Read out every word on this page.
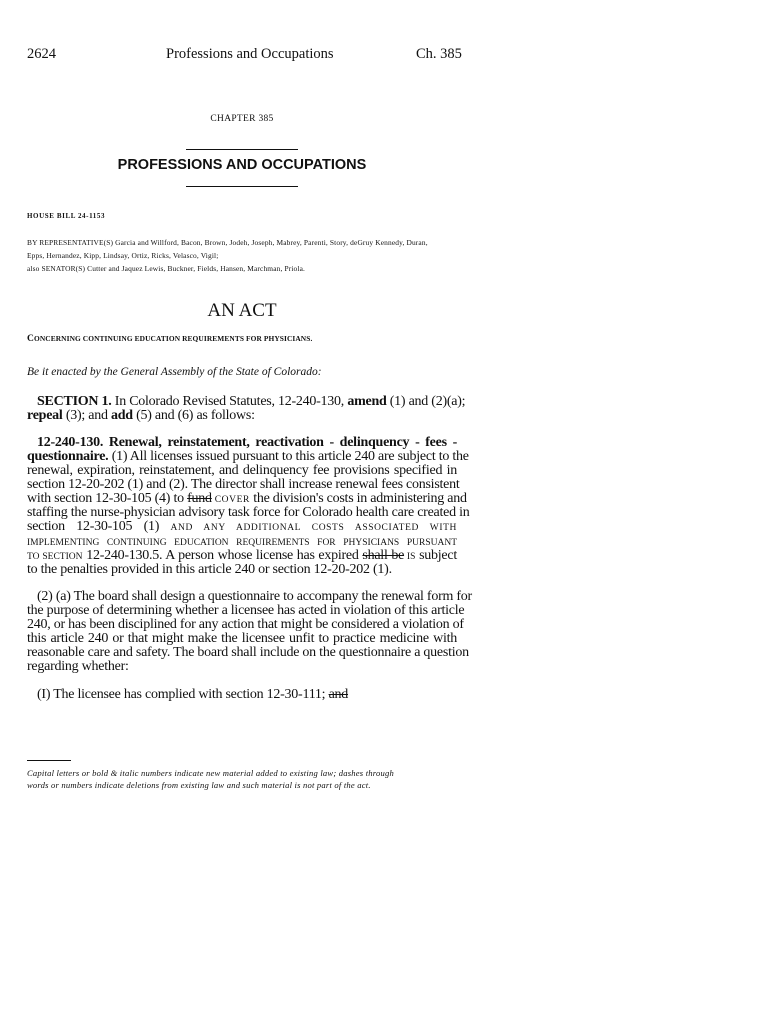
2624	Professions and Occupations	Ch. 385
CHAPTER 385
PROFESSIONS AND OCCUPATIONS
HOUSE BILL 24-1153
BY REPRESENTATIVE(S) Garcia and Willford, Bacon, Brown, Jodeh, Joseph, Mabrey, Parenti, Story, deGruy Kennedy, Duran,
Epps, Hernandez, Kipp, Lindsay, Ortiz, Ricks, Velasco, Vigil;
also SENATOR(S) Cutter and Jaquez Lewis, Buckner, Fields, Hansen, Marchman, Priola.
AN ACT
CONCERNING CONTINUING EDUCATION REQUIREMENTS FOR PHYSICIANS.
Be it enacted by the General Assembly of the State of Colorado:
SECTION 1. In Colorado Revised Statutes, 12-240-130, amend (1) and (2)(a);
repeal (3); and add (5) and (6) as follows:
12-240-130. Renewal, reinstatement, reactivation - delinquency - fees -
questionnaire. (1) All licenses issued pursuant to this article 240 are subject to the
renewal, expiration, reinstatement, and delinquency fee provisions specified in
section 12-20-202 (1) and (2). The director shall increase renewal fees consistent
with section 12-30-105 (4) to fund COVER the division's costs in administering and
staffing the nurse-physician advisory task force for Colorado health care created in
section 12-30-105 (1) AND ANY ADDITIONAL COSTS ASSOCIATED WITH
IMPLEMENTING CONTINUING EDUCATION REQUIREMENTS FOR PHYSICIANS PURSUANT
TO SECTION 12-240-130.5. A person whose license has expired shall be IS subject
to the penalties provided in this article 240 or section 12-20-202 (1).
(2) (a) The board shall design a questionnaire to accompany the renewal form for
the purpose of determining whether a licensee has acted in violation of this article
240, or has been disciplined for any action that might be considered a violation of
this article 240 or that might make the licensee unfit to practice medicine with
reasonable care and safety. The board shall include on the questionnaire a question
regarding whether:
(I) The licensee has complied with section 12-30-111; and
Capital letters or bold & italic numbers indicate new material added to existing law; dashes through
words or numbers indicate deletions from existing law and such material is not part of the act.
